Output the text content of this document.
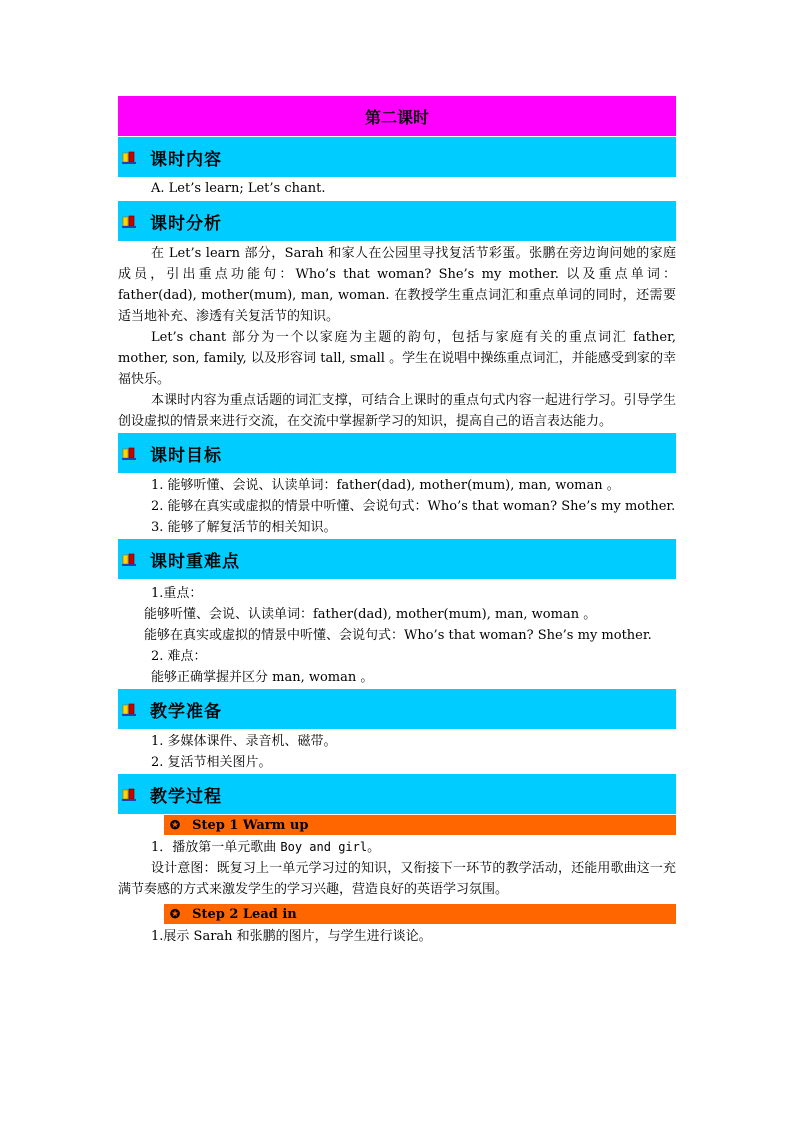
第二课时
课时内容

A. Let’s learn; Let’s chant.

课时分析

在 Let’s learn 部分，Sarah 和家人在公园里寻找复活节彩蛋。张鹏在旁边询问她的家庭成员，引出重点功能句：Who’s that woman? She’s my mother. 以及重点单词：father(dad), mother(mum), man, woman. 在教授学生重点词汇和重点单词的同时，还需要适当地补充、渗透有关复活节的知识。

Let’s chant 部分为一个以家庭为主题的韵句，包括与家庭有关的重点词汇 father, mother, son, family, 以及形容词 tall, small 。学生在说唱中操练重点词汇，并能感受到家的幸福快乐。

本课时内容为重点话题的词汇支撑，可结合上课时的重点句式内容一起进行学习。引导学生创设虚拟的情景来进行交流，在交流中掌握新学习的知识，提高自己的语言表达能力。

课时目标

1. 能够听懂、会说、认读单词：father(dad), mother(mum), man, woman 。

2. 能够在真实或虚拟的情景中听懂、会说句式：Who’s that woman? She’s my mother.

3. 能够了解复活节的相关知识。

课时重难点

1.重点：

能够听懂、会说、认读单词：father(dad), mother(mum), man, woman 。

能够在真实或虚拟的情景中听懂、会说句式：Who’s that woman? She’s my mother.

2. 难点：

能够正确掌握并区分 man, woman 。

教学准备

1. 多媒体课件、录音机、磁带。

2. 复活节相关图片。

教学过程
✪ Step 1 Warm up

1．播放第一单元歌曲 Boy and girl。

设计意图：既复习上一单元学习过的知识，又衔接下一环节的教学活动，还能用歌曲这一充满节奏感的方式来激发学生的学习兴趣，营造良好的英语学习氛围。

✪ Step 2 Lead in

1.展示 Sarah 和张鹏的图片，与学生进行谈论。
